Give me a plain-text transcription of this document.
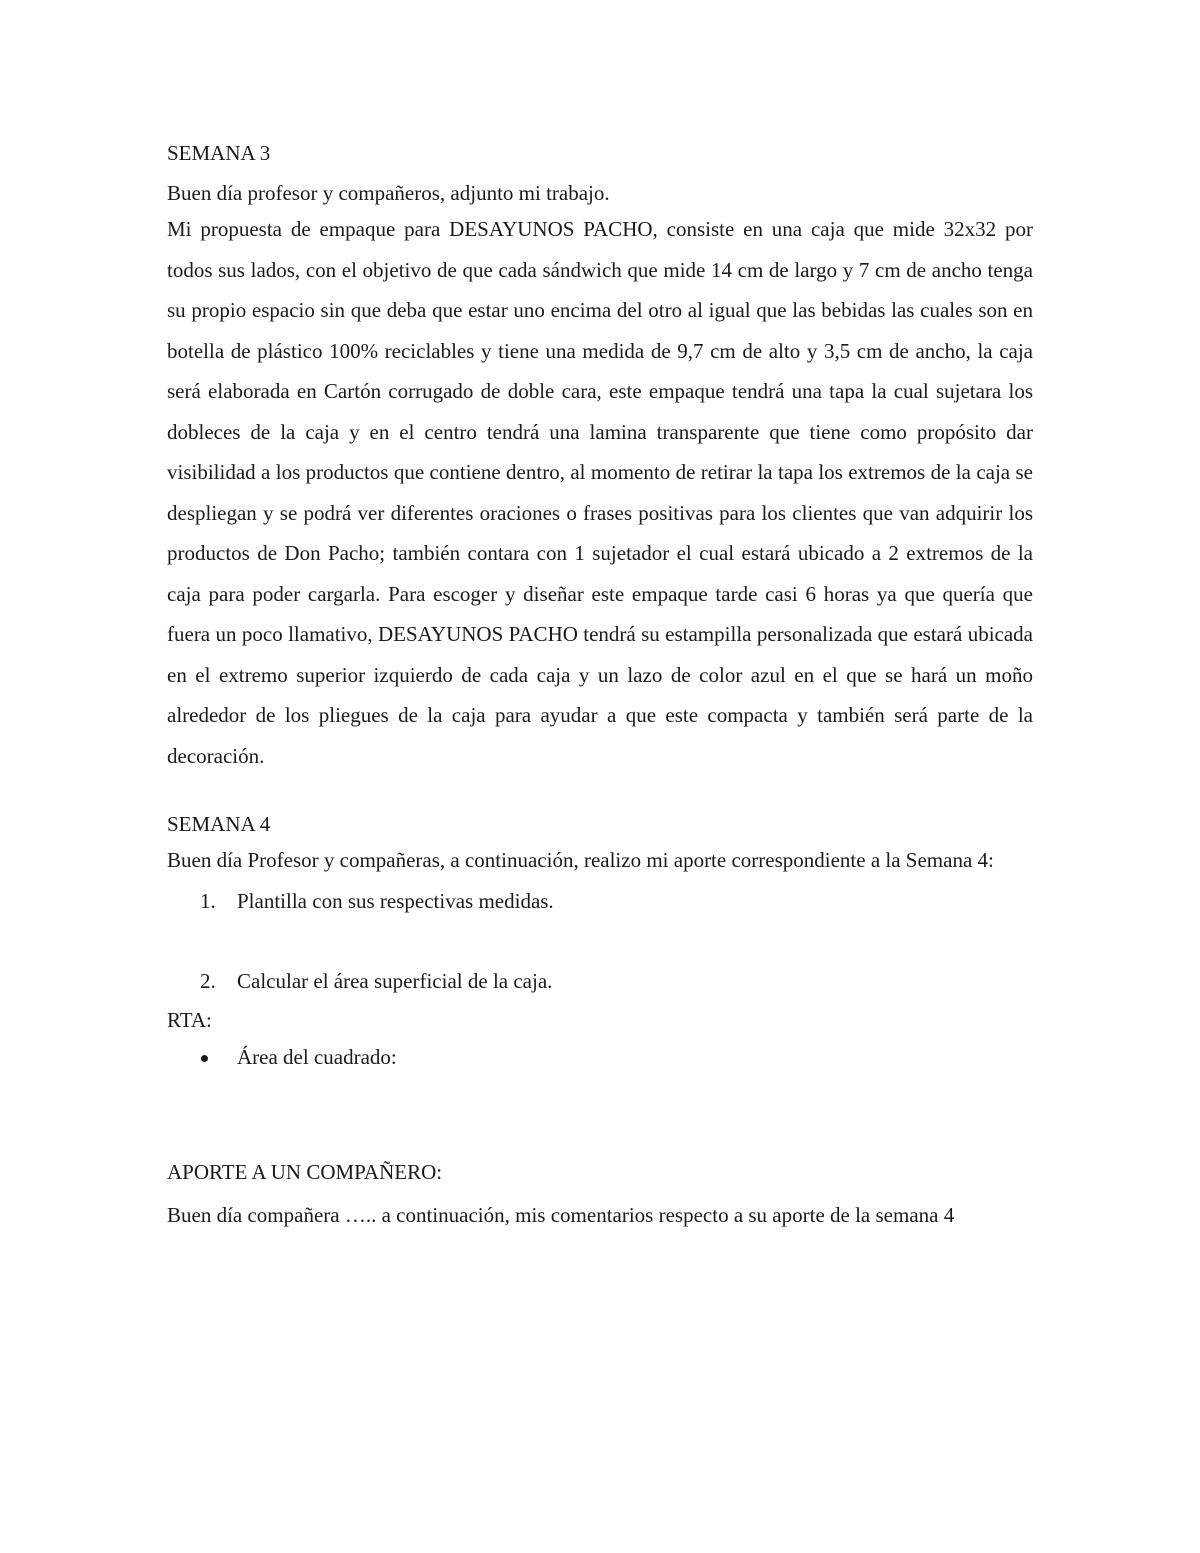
SEMANA 3

Buen día profesor y compañeros, adjunto mi trabajo.

Mi propuesta de empaque para DESAYUNOS PACHO, consiste en una caja que mide 32x32 por todos sus lados, con el objetivo de que cada sándwich que mide 14 cm de largo y 7 cm de ancho tenga su propio espacio sin que deba que estar uno encima del otro al igual que las bebidas las cuales son en botella de plástico 100% reciclables y tiene una medida de 9,7 cm de alto y 3,5 cm de ancho, la caja será elaborada en Cartón corrugado de doble cara, este empaque tendrá una tapa la cual sujetara los dobleces de la caja y en el centro tendrá una lamina transparente que tiene como propósito dar visibilidad a los productos que contiene dentro, al momento de retirar la tapa los extremos de la caja se despliegan y se podrá ver diferentes oraciones o frases positivas para los clientes que van adquirir los productos de Don Pacho; también contara con 1 sujetador el cual estará ubicado a 2 extremos de la caja para poder cargarla. Para escoger y diseñar este empaque tarde casi 6 horas ya que quería que fuera un poco llamativo, DESAYUNOS PACHO tendrá su estampilla personalizada que estará ubicada en el extremo superior izquierdo de cada caja y un lazo de color azul en el que se hará un moño alrededor de los pliegues de la caja para ayudar a que este compacta y también será parte de la decoración.

SEMANA 4

Buen día Profesor y compañeras, a continuación, realizo mi aporte correspondiente a la Semana 4:

1. Plantilla con sus respectivas medidas.

2. Calcular el área superficial de la caja.

RTA:

Área del cuadrado:

APORTE A UN COMPAÑERO:

Buen día compañera ….. a continuación, mis comentarios respecto a su aporte de la semana 4
